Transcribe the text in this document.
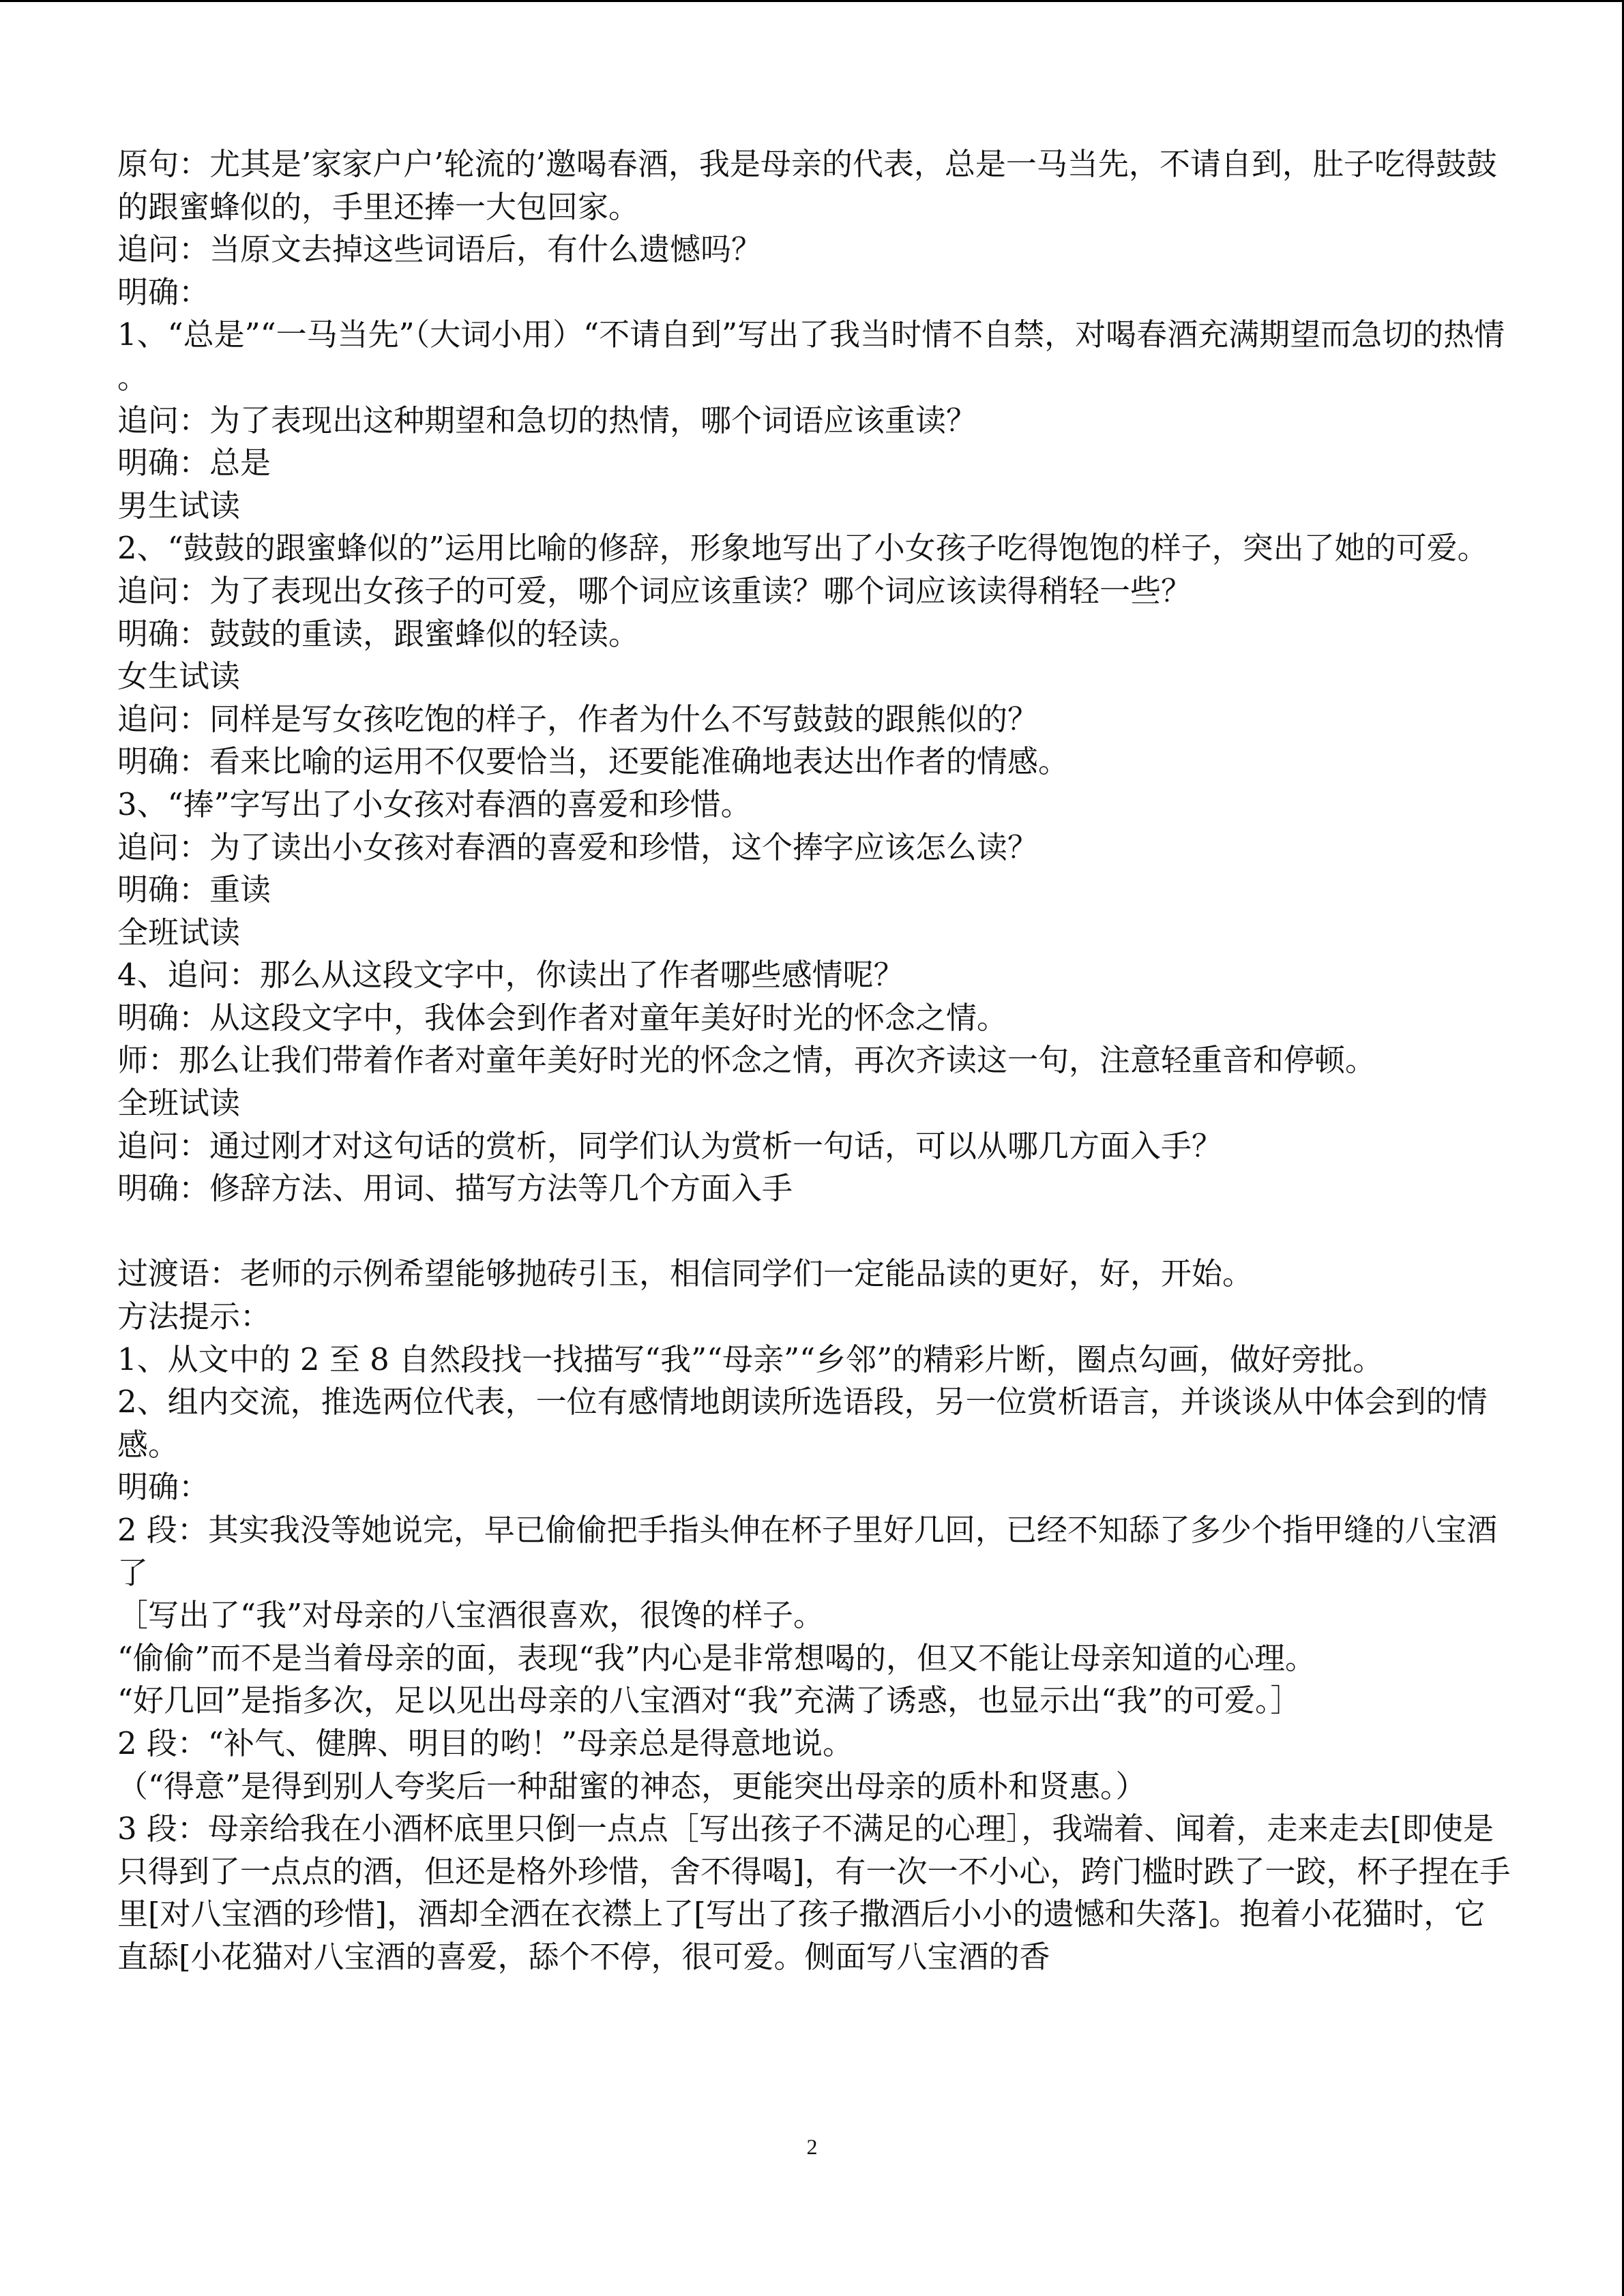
原句：尤其是’家家户户’轮流的’邀喝春酒，我是母亲的代表，总是一马当先，不请自到，肚子吃得鼓鼓的跟蜜蜂似的，手里还捧一大包回家。
追问：当原文去掉这些词语后，有什么遗憾吗？
明确：
1、“总是”“一马当先”（大词小用）“不请自到”写出了我当时情不自禁，对喝春酒充满期望而急切的热情。
追问：为了表现出这种期望和急切的热情，哪个词语应该重读？
明确：总是
男生试读
2、“鼓鼓的跟蜜蜂似的”运用比喻的修辞，形象地写出了小女孩子吃得饱饱的样子，突出了她的可爱。
追问：为了表现出女孩子的可爱，哪个词应该重读？哪个词应该读得稍轻一些？
明确：鼓鼓的重读，跟蜜蜂似的轻读。
女生试读
追问：同样是写女孩吃饱的样子，作者为什么不写鼓鼓的跟熊似的？
明确：看来比喻的运用不仅要恰当，还要能准确地表达出作者的情感。
3、“捧”字写出了小女孩对春酒的喜爱和珍惜。
追问：为了读出小女孩对春酒的喜爱和珍惜，这个捧字应该怎么读？
明确：重读
全班试读
4、追问：那么从这段文字中，你读出了作者哪些感情呢？
明确：从这段文字中，我体会到作者对童年美好时光的怀念之情。
师：那么让我们带着作者对童年美好时光的怀念之情，再次齐读这一句，注意轻重音和停顿。
全班试读
追问：通过刚才对这句话的赏析，同学们认为赏析一句话，可以从哪几方面入手？
明确：修辞方法、用词、描写方法等几个方面入手
过渡语：老师的示例希望能够抛砖引玉，相信同学们一定能品读的更好，好，开始。
方法提示：
1、从文中的 2 至 8 自然段找一找描写“我”“母亲”“乡邻”的精彩片断，圈点勾画，做好旁批。
2、组内交流，推选两位代表，一位有感情地朗读所选语段，另一位赏析语言，并谈谈从中体会到的情感。
明确：
2 段：其实我没等她说完，早已偷偷把手指头伸在杯子里好几回，已经不知舔了多少个指甲缝的八宝酒了
［写出了“我”对母亲的八宝酒很喜欢，很馋的样子。
“偷偷”而不是当着母亲的面，表现“我”内心是非常想喝的，但又不能让母亲知道的心理。
“好几回”是指多次，足以见出母亲的八宝酒对“我”充满了诱惑，也显示出“我”的可爱。］
2 段：“补气、健脾、明目的哟！”母亲总是得意地说。
（“得意”是得到别人夸奖后一种甜蜜的神态，更能突出母亲的质朴和贤惠。）
3 段：母亲给我在小酒杯底里只倒一点点［写出孩子不满足的心理］，我端着、闻着，走来走去[即使是只得到了一点点的酒，但还是格外珍惜，舍不得喝]，有一次一不小心，跨门槛时跌了一跤，杯子捏在手里[对八宝酒的珍惜]，酒却全洒在衣襟上了[写出了孩子撒酒后小小的遗憾和失落]。抱着小花猫时，它直舔[小花猫对八宝酒的喜爱，舔个不停，很可爱。侧面写八宝酒的香
2
